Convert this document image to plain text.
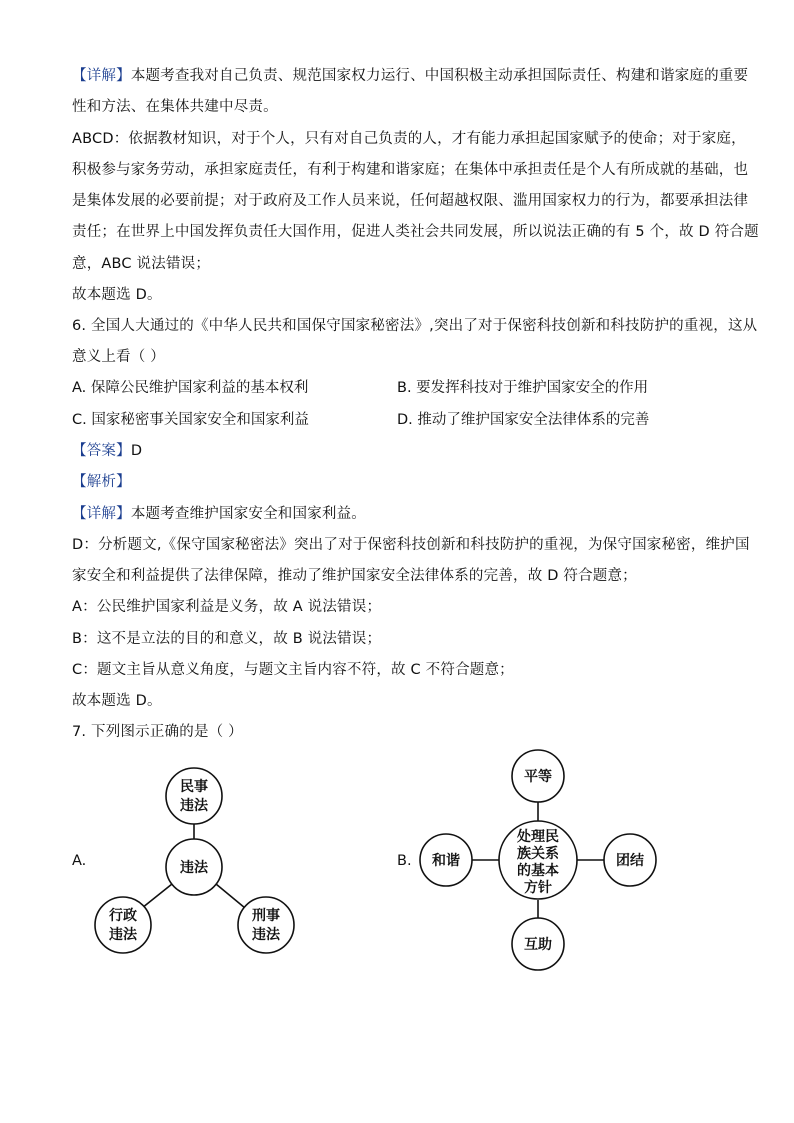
【详解】本题考查我对自己负责、规范国家权力运行、中国积极主动承担国际责任、构建和谐家庭的重要
性和方法、在集体共建中尽责。
ABCD：依据教材知识，对于个人，只有对自己负责的人，才有能力承担起国家赋予的使命；对于家庭，
积极参与家务劳动，承担家庭责任，有利于构建和谐家庭；在集体中承担责任是个人有所成就的基础，也
是集体发展的必要前提；对于政府及工作人员来说，任何超越权限、滥用国家权力的行为，都要承担法律
责任；在世界上中国发挥负责任大国作用，促进人类社会共同发展，所以说法正确的有 5 个，故 D 符合题
意，ABC 说法错误；
故本题选 D。
6. 全国人大通过的《中华人民共和国保守国家秘密法》,突出了对于保密科技创新和科技防护的重视，这从
意义上看（ ）
A. 保障公民维护国家利益的基本权利	B. 要发挥科技对于维护国家安全的作用
C. 国家秘密事关国家安全和国家利益	D. 推动了维护国家安全法律体系的完善
【答案】D
【解析】
【详解】本题考查维护国家安全和国家利益。
D：分析题文,《保守国家秘密法》突出了对于保密科技创新和科技防护的重视，为保守国家秘密，维护国
家安全和利益提供了法律保障，推动了维护国家安全法律体系的完善，故 D 符合题意；
A：公民维护国家利益是义务，故 A 说法错误；
B：这不是立法的目的和意义，故 B 说法错误；
C：题文主旨从意义角度，与题文主旨内容不符，故 C 不符合题意；
故本题选 D。
7. 下列图示正确的是（ ）
A.	B.
民事
违法
违法
行政
违法
刑事
违法
平等
和谐	团结
互助
处理民
族关系
的基本
方针
